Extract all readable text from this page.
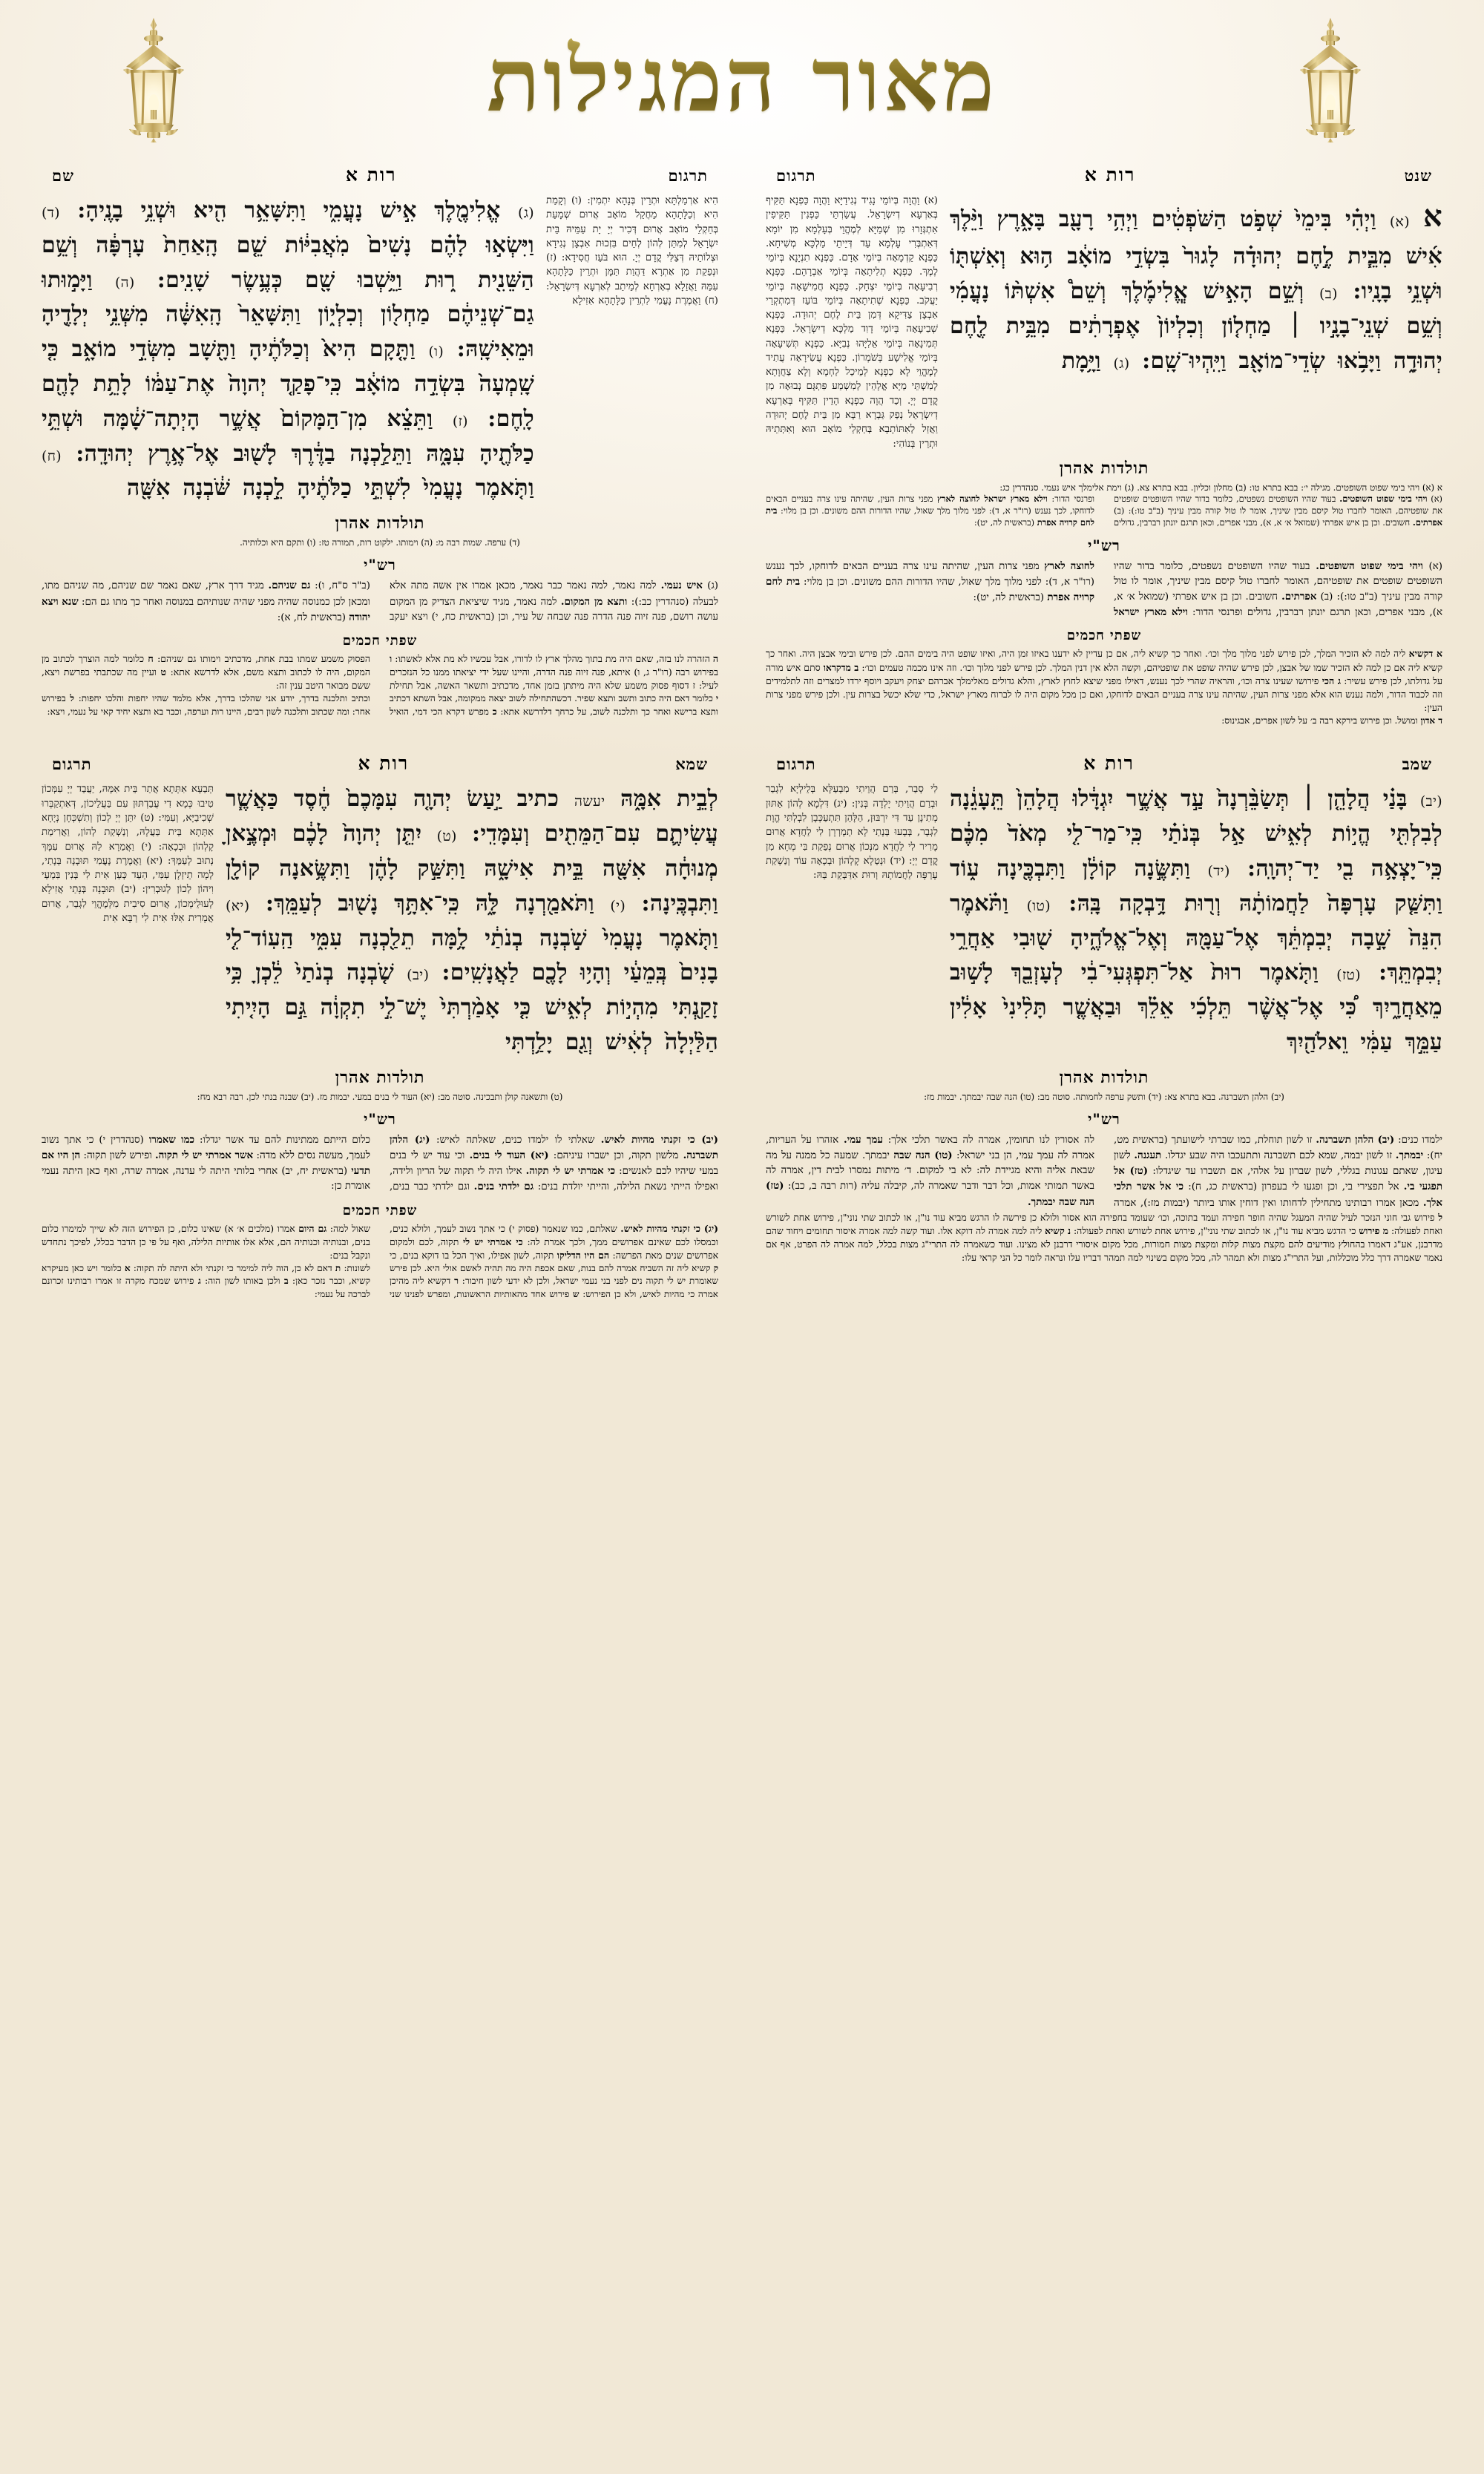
מאור המגילות
שנט
רות א
תרגום
א (א) וַיְהִ֗י בִּימֵי֙ שְׁפֹ֣ט הַשֹּׁפְטִ֔ים וַיְהִ֥י רָעָ֖ב בָּאָ֑רֶץ וַיֵּ֨לֶךְ אִ֜ישׁ מִבֵּ֧ית לֶ֣חֶם יְהוּדָ֗ה לָגוּר֙ בִּשְׂדֵ֣י מוֹאָ֔ב ה֥וּא וְאִשְׁתּ֖וֹ וּשְׁנֵ֥י בָנָֽיו: (ב) וְשֵׁ֣ם הָאִ֣ישׁ אֱ‍ֽלִימֶ֡לֶךְ וְשֵׁם֩ אִשְׁתּ֨וֹ נָעֳמִ֜י וְשֵׁ֥ם שְׁנֵֽי־בָנָ֣יו ׀ מַחְל֤וֹן וְכִלְיוֹן֙ אֶפְרָתִ֔ים מִבֵּ֥ית לֶ֖חֶם יְהוּדָ֑ה וַיָּבֹ֥אוּ שְׂדֵי־מוֹאָ֖ב וַיִּֽהְיוּ־שָֽׁם: (ג) וַיָּ֥מָת
(א) וַהֲוָה בְּיוֹמֵי נָגִיד נְגִידַיָּא וַהֲוָה כַּפְנָא תַּקִּיף בְּאַרְעָא דְיִשְׂרָאֵל. עֲשַׂרְתֵּי כַּפְנִין תַּקִּיפִין אִתְגְּזָרוּ מִן שְׁמַיָּא לְמֶהֱוֵי בְּעָלְמָא מִן יוֹמָא דְּאִתְבְּרִי עָלְמָא עַד דְּיֵיתֵי מַלְכָּא מְשִׁיחָא. כַּפְנָא קַדְמָאָה בְּיוֹמֵי אָדָם. כַּפְנָא תִנְיָנָא בְּיוֹמֵי לֶמֶךְ. כַּפְנָא תְלִיתָאָה בְּיוֹמֵי אַבְרָהָם. כַּפְנָא רְבִיעָאָה בְּיוֹמֵי יִצְחָק. כַּפְנָא חֲמִישָׁאָה בְּיוֹמֵי יַעֲקֹב. כַּפְנָא שְׁתִיתָאָה בְּיוֹמֵי בּוֹעַז דְּמִתְקְרֵי אִבְצָן צַדִּיקָא דְּמִן בֵּית לֶחֶם יְהוּדָה. כַּפְנָא שְׁבִיעָאָה בְּיוֹמֵי דָוִד מַלְכָּא דְיִשְׂרָאֵל. כַּפְנָא תְּמִינָאָה בְּיוֹמֵי אֵלִיָּהוּ נְבִיָּא. כַּפְנָא תְּשִׁיעָאָה בְּיוֹמֵי אֱלִישָׁע בְּשֹׁמְרוֹן. כַּפְנָא עֲשִׂירָאָה עֲתִיד לְמֶהֱוֵי לָא כַפְנָא לְמֵיכַל לַחְמָא וְלָא צַחֲוָתָא לְמִשְׁתֵּי מַיָּא אֱלָהֵין לְמִשְׁמַע פִּתְגָּם נְבוּאָה מִן קֳדָם יְיָ. וְכַד הֲוָה כַּפְנָא הָדֵין תַּקִּיף בְּאַרְעָא דְיִשְׂרָאֵל נְפַק גַּבְרָא רַבָּא מִן בֵּית לֶחֶם יְהוּדָה וַאֲזַל לְאִתּוֹתָבָא בְּחַקְלֵי מוֹאָב הוּא וְאִתְּתֵיהּ וּתְרֵין בְּנוֹהִי:
תולדות אהרן
א (א) ויהי בימי שפוט השופטים. מגילה י׳: בבא בתרא טו: (ב) מחלון וכליון. בבא בתרא צא. (ג) וימת אלימלך איש נעמי. סנהדרין כג:
(א) ויהי בימי שפוט השופטים. בעוד שהיו השופטים נשפטים, כלומר בדור שהיו השופטים שופטים את שופטיהם, האומר לחברו טול קיסם מבין שיניך, אומר לו טול קורה מבין עיניך (ב"ב טו:): (ב) אפרתים. חשובים. וכן בן איש אפרתי (שמואל א׳ א, א), מבני אפרים, וכאן תרגם יונתן רברבין, גדולים ופרנסי הדור: וילא מארץ ישראל לחוצה לארץ מפני צרות העין, שהיתה עינו צרה בעניים הבאים לדוחקו, לכך נענש (רו"ר א, ד): לפני מלוך מלך שאול, שהיו הדורות ההם משונים. וכן בן מלוי: בית לחם קרויה אפרת (בראשית לה, יט):
רש"י
(א) ויהי בימי שפוט השופטים. בעוד שהיו השופטים נשפטים, כלומר בדור שהיו השופטים שופטים את שופטיהם, האומר לחברו טול קיסם מבין שיניך, אומר לו טול קורה מבין עיניך (ב"ב טו:): (ב) אפרתים. חשובים. וכן בן איש אפרתי (שמואל א׳ א, א), מבני אפרים, וכאן תרגם יונתן רברבין, גדולים ופרנסי הדור: וילא מארץ ישראל לחוצה לארץ מפני צרות העין, שהיתה עינו צרה בעניים הבאים לדוחקו, לכך נענש (רו"ר א, ד): לפני מלוך מלך שאול, שהיו הדורות ההם משונים. וכן בן מלוי: בית לחם קרויה אפרת (בראשית לה, יט):
שפתי חכמים
א דקשיא ליה למה לא הזכיר המלך, לכן פירש לפני מלוך מלך וכו׳. ואחר כך קשיא ליה, אם כן עדיין לא ידענו באיזו זמן היה, ואיזו שופט היה בימים ההם. לכן פירש ובימי אבצן היה. ואחר כך קשיא ליה אם כן למה לא הזכיר שמו של אבצן, לכן פירש שהיה שופט את שופטיהם, וקשה הלא אין דנין המלך. לכן פירש לפני מלוך וכו׳. וזה אינו מכמה טעמים וכו׳: ב מדקראו סתם איש מורה על גדולתו, לכן פירש עשיר: ג הכי פירושו שעינו צרה וכו׳, והראיה שהרי לכך נענש, דאילו מפני שיצא לחוץ לארץ, והלא גדולים מאלימלך אברהם יצחק ויעקב ויוסף ירדו למצרים וזה לתלמידים וזה לכבוד הדור, ולמה נענש הוא אלא מפני צרות העין, שהיתה עינו צרה בעניים הבאים לדוחקו, ואם כן מכל מקום היה לו לברוח מארץ ישראל, כדי שלא יכשל בצרות עין. ולכן פירש מפני צרות העין:
ד אדון ומושל. וכן פירוש בירקא רבה ב׳ על לשון אפרים, אבגינוס:
תרגום
רות א
שם
הִיא אַרְמַלְתָּא וּתְרֵין בְּנָהָא יִתְמִין: (ו) וְקָמַת הִיא וְכַלָּתָהָא מֵחֲקַל מוֹאָב אֲרוּם שְׁמָעַת בְּחַקְלֵי מוֹאָב אֲרוּם דְּכִיר יְיָ יָת עַמֵּיהּ בֵּית יִשְׂרָאֵל לְמִתַּן לְהוֹן לְחֵים בִּזְכוּת אִבְצָן נְגִידָא וּצְלוֹתֵיהּ דְּצַלִּי קֳדָם יְיָ. הוּא בֹּעַז חֲסִידָא: (ז) וּנְפַקַת מִן אַתְרָא דַּהֲוַת תַּמָּן וּתְרֵין כַּלָּתָהָא עִמַּהּ וַאֲזַלָא בְאָרְחָא לְמֵיתַב לְאַרְעָא דְּיִשְׂרָאֵל: (ח) וַאֲמֶרֶת נָעֳמִי לִתְרֵין כַּלָּתָהָא אִזִילָא
(ג) אֱלִימֶ֖לֶךְ אִ֣ישׁ נָעֳמִ֑י וַתִּשָּׁאֵ֥ר הִ֖יא וּשְׁנֵ֥י בָנֶֽיהָ: (ד) וַיִּשְׂא֣וּ לָהֶ֗ם נָשִׁים֙ מֹֽאֲבִיּ֔וֹת שֵׁ֤ם הָֽאַחַת֙ עָרְפָּ֔ה וְשֵׁ֥ם הַשֵּׁנִ֖ית ר֑וּת וַיֵּ֥שְׁבוּ שָׁ֖ם כְּעֶ֥שֶׂר שָׁנִֽים: (ה) וַיָּמ֣וּתוּ גַם־שְׁנֵיהֶ֔ם מַחְל֖וֹן וְכִלְי֑וֹן וַתִּשָּׁאֵר֙ הָֽאִשָּׁ֔ה מִשְּׁנֵ֥י יְלָדֶ֖יהָ וּמֵאִישָֽׁהּ: (ו) וַתָּ֤קָם הִיא֙ וְכַלֹּתֶ֔יהָ וַתָּ֖שָׁב מִשְּׂדֵ֣י מוֹאָ֑ב כִּ֤י שָֽׁמְעָה֙ בִּשְׂדֵ֣ה מוֹאָ֔ב כִּֽי־פָקַ֤ד יְהוָה֙ אֶת־עַמּ֔וֹ לָתֵ֥ת לָהֶ֖ם לָֽחֶם: (ז) וַתֵּצֵ֗א מִן־הַמָּקוֹם֙ אֲשֶׁ֣ר הָיְתָה־שָׁ֔מָּה וּשְׁתֵּ֥י כַלֹּתֶ֖יהָ עִמָּ֑הּ וַתֵּלַ֣כְנָה בַדֶּ֔רֶךְ לָשׁ֖וּב אֶל־אֶ֥רֶץ יְהוּדָֽה: (ח) וַתֹּ֤אמֶר נָעֳמִי֙ לִשְׁתֵּ֣י כַלֹּתֶ֔יהָ לֵ֣כְנָה שֹּׁ֔בְנָה אִשָּׁ֖ה
תולדות אהרן
(ד) ערפה. שמות רבה מ: (ה) וימותו. ילקוט רות, תמורה טז: (ו) ותקם היא וכלותיה.
רש"י
(ג) איש נעמי. למה נאמר, למה נאמר כבר נאמר, מכאן אמרו אין אשה מתה אלא לבעלה (סנהדרין כב:): ותצא מן המקום. למה נאמר, מגיד שיציאת הצדיק מן המקום עושה רושם, פנה זיוה פנה הדרה פנה שבחה של עיר, וכן (בראשית כח, י) ויצא יעקב (ב"ר ס"ח, ו): גם שניהם. מגיד דרך ארץ, שאם נאמר שם שניהם, מה שניהם מתו, ומכאן לכן כמנוסה שהיה מפני שהיה שנותיהם במנוסה ואחר כך מתו גם הם: שנא ויצא יהודה (בראשית לח, א):
שפתי חכמים
ה הזהרה לנו בזה, שאם היה מת בתוך מהלך ארץ לו לדורו, אבל עכשיו לא מת אלא לאשתו: ו בפירוש רבה (רו"ר ג, ו) איתא, פנה זיוה פנה הדרה, והיינו שעל ידי יציאתו ממנו כל הנזכרים לעיל: ז דסוף פסוק משמע שלא היה מיתתן בזמן אחד, מדכתיב ותשאר האשה, אבל תחילת הפסוק משמע שמתו בבת אחת, מדכתיב וימותו גם שניהם: ח כלומר למה הוצרך לכתוב מן המקום, היה לו לכתוב ותצא משם, אלא לדרשא אתא: ט ועיין מה שכתבתי בפרשת ויצא, ששם מבואר היטב ענין זה:
י כלומר דאם היה כתוב ותשב ותצא שפיר. דכשהתחילה לשוב יצאה ממקומה, אבל השתא דכתיב ותצא ברישא ואחר כך ותלכנה לשוב, על כרחך דלדרשא אתא: כ מפרש דקרא הכי דמי, הואיל וכתיב ותלכנה בדרך, יודע אני שהלכו בדרך, אלא מלמד שהיו יחפות והלכו יחפות: ל בפירוש אחר: ומה שכתוב ותלכנה לשון רבים, היינו רות וערפה, וכבר בא ותצא יחיד קאי על נעמי, ויצא:
שמב
רות א
תרגום
(יב) בָּנַ֗י הֲלָהֵ֤ן ׀ תְּשַׂבֵּ֨רְנָה֙ עַ֣ד אֲשֶׁ֣ר יִגְדָּ֔לוּ הֲלָהֵן֙ תֵּֽעָגֵ֔נָה לְבִלְתִּ֖י הֱי֣וֹת לְאִ֑ישׁ אַ֣ל בְּנֹתַ֗י כִּֽי־מַר־לִ֤י מְאֹד֙ מִכֶּ֔ם כִּֽי־יָצְאָ֥ה בִ֖י יַד־יְהוָֽה: (יד) וַתִּשֶּׂ֣נָה קוֹלָ֔ן וַתִּבְכֶּ֖ינָה ע֑וֹד וַתִּשַּׁ֤ק עָרְפָּה֙ לַחֲמוֹתָ֔הּ וְר֖וּת דָּ֥בְקָה בָּֽהּ: (טו) וַתֹּ֗אמֶר הִנֵּה֙ שָׁ֣בָה יְבִמְתֵּ֔ךְ אֶל־עַמָּ֖הּ וְאֶל־אֱלֹהֶ֑יהָ שׁ֖וּבִי אַחֲרֵ֥י יְבִמְתֵּֽךְ: (טז) וַתֹּ֤אמֶר רוּת֙ אַל־תִּפְגְּעִי־בִ֔י לְעָזְבֵ֖ךְ לָשׁ֣וּב מֵאַחֲרָ֑יִךְ כִּ֠י אֶל־אֲשֶׁ֨ר תֵּלְכִ֜י אֵלֵ֗ךְ וּבַאֲשֶׁ֤ר תָּלִ֨ינִי֙ אָלִ֔ין עַמֵּ֣ךְ עַמִּ֔י וֵאלֹהַ֖יִךְ
לִי סְבַר, בְּרַם הֲוֵיתִי מִבְעַלָּא בְּלֵילְיָא לִגְבַר וּבְרַם הֲוֵיתִי יָלְדָה בְּנִין: (יג) דִּלְמָא לְהוֹן אַתּוּן מְתִינָן עַד דִּי יִרְבּוּן, הַלָּהֵן תִּתְעַכְּבָן לִבְלְתִּי הֱוָת לִגְבָר, בְּבָעוּ בְּנָתַי לָא תְמָרְרָן לִי לַחֲדָא אֲרוּם מָרִיר לִי לַחֲדָא מִנְּכוֹן אֲרוּם נְפַקַת בִּי מְחָא מִן קֳדָם יְיָ: (יד) וּנְטַלָא קָלְהוֹן וּבְכָאָה עוֹד וְנַשְׁקַת עָרְפָּה לַחֲמוֹתָהּ וְרוּת אִדַּבְּקַת בַּהּ:
תולדות אהרן
(יב) הלהן תשברנה. בבא בתרא צא: (יד) ותשק ערפה לחמותה. סוטה מב: (טו) הנה שבה יבמתך. יבמות מז:
רש"י
ילמדו כנים: (יב) הלהן תשברנה. זו לשון תוחלת, כמו שברתי לישועתך (בראשית מט, יח): יבמתך. זו לשון יבמה, שמא לכם תשברנה ותתעכבו היה שבע יגדלו. תעגנה. לשון עיגון, שאתם עגונות בגללי, לשון שברון על אלהי, אם תשברו עד שיגדלו: (טז) אל תפגעי בי. אל תפצירי בי, וכן ופגעו לי בעפרון (בראשית כג, ח): כי אל אשר תלכי אלך. מכאן אמרו רבותינו מתחילין לדחותו ואין דוחין אותו ביותר (יבמות מז:), אמרה לה אסורין לנו תחומין, אמרה לה באשר תלכי אלך: עמך עמי. אזהרו על העריות, אמרה לה עמך עמי, הן בני ישראל: (טו) הנה שבה יבמתך. שמעה כל ממנה על מה שבאת אליה והיא מגיידת לה: לא בי למקום. ד׳ מיתות נמסרו לבית דין, אמרה לה באשר תמותי אמות, וכל דבר ודבר שאמרה לה, קיבלה עליה (רות רבה ב, כב): (טז) הנה שבה יבמתך.
ל פירוש גבי חוני הנזכר לעיל שהיה המעגל שהיה חופר חפירה ועמד בתוכה, וכו׳ שעומד בחפירה הוא אסור ולולא כן פירשה לו הרגש מביא עוד נו"ן, או לכתוב שתי נוני"ן, פירוש אחת לשורש ואחת לפעולה: מ פירוש כי הדגש מביא עוד נו"ן, או לכתוב שתי נוני"ן, פירוש אחת לשורש ואחת לפעולה: נ קשיא ליה למה אמרה לה דוקא אלו. ועוד קשה למה אמרה איסור תחומים ויחוד שהם מדרבנן, אע"ג דאמרו בהחולץ מודיעים להם מקצת מצות קלות ומקצת מצות חמורות, מכל מקום איסורי דרבנן לא מצינו. ועוד כשאמרה לה התרי"ג מצות בכלל, למה אמרה לה הפרט, אף אם נאמר שאמרה דרך כלל מוכללות, ועל התרי"ג מצות ולא תמהר לה, מכל מקום בשינוי למה תמהר דבריו עלו ונראה לומר כל הני קראי עלו:
שמא
רות א
תרגום
לְבֵ֣ית אִמָּ֑הּ יעשה כתיב יַ֣עַשׂ יְהוָ֤ה עִמָּכֶם֙ חֶ֔סֶד כַּאֲשֶׁ֧ר עֲשִׂיתֶ֛ם עִם־הַמֵּתִ֖ים וְעִמָּדִֽי: (ט) יִתֵּ֤ן יְהוָה֙ לָכֶ֔ם וּמְצֶ֣אןָ מְנוּחָ֔ה אִשָּׁ֖ה בֵּ֣ית אִישָׁ֑הּ וַתִּשַּׁ֣ק לָהֶ֔ן וַתִּשֶּׂ֥אנָה קוֹלָ֖ן וַתִּבְכֶּֽינָה: (י) וַתֹּאמַ֖רְנָה לָּ֑הּ כִּֽי־אִתָּ֥ךְ נָשׁ֖וּב לְעַמֵּֽךְ: (יא) וַתֹּ֤אמֶר נָעֳמִי֙ שֹׁ֣בְנָה בְנֹתַ֔י לָ֥מָּה תֵלַ֖כְנָה עִמִּ֑י הַֽעֽוֹד־לִ֤י בָנִים֙ בְּֽמֵעַ֔י וְהָי֥וּ לָכֶ֖ם לַאֲנָשִֽׁים: (יב) שֹׁ֤בְנָה בְנֹתַי֙ לֵ֔כְןָ כִּ֥י זָקַ֖נְתִּי מִהְי֣וֹת לְאִ֑ישׁ כִּ֤י אָמַ֨רְתִּי֙ יֶשׁ־לִ֣י תִקְוָ֔ה גַּ֣ם הָיִ֤יתִי הַלַּ֨יְלָה֙ לְאִ֔ישׁ וְגַ֖ם יָלַ֥דְתִּי
תְּבַעָא אִתְּתָא אֲתַר בֵּית אִמָּהּ, יַעֲבֵד יְיָ עִמְּכוֹן טִיבוּ כְּמָא דִי עֲבַדְתּוּן עִם בַּעֲלֵיכוֹן, דְּאִתְקַבְּרוּ שְׁכִיבַיָּא, וְעִמִּי: (ט) יִתֵּן יְיָ לְכוֹן וְתִשְׁכְּחָן נְיָחָא אִתְּתָא בֵּית בַּעֲלָהּ, וְנַשְׁקַת לְהוֹן, וַאֲרִימַת קָלְהוֹן וּבְכָאָה: (י) וַאֲמַרָא לַהּ אֲרוּם עִמָּךְ נְתוּב לְעַמֵּךְ: (יא) וַאֲמֶרֶת נָעֳמִי תּוּבָנָה בְּנָתַי, לְמָה תֵיזְלָן עִמִּי, הַעַד כְּעַן אִית לִי בְּנִין בִּמְעַי וִיהוֹן לְכוֹן לְגוּבְרִין: (יב) תּוּבָנָה בְּנָתַי אֲזִילָא לְעוּלֵימְכוֹן, אֲרוּם סִיבִית מִלְּמֶהֱוֵי לִגְבַר, אֲרוּם אֲמָרִית אִלּוּ אִית לִי רַבָּא אִית
תולדות אהרן
(ט) ותשאנה קולן ותבכינה. סוטה מב: (יא) העוד לי בנים במעי. יבמות מז. (יב) שבנה בנתי לכן. רבה רבא מח:
רש"י
(יב) כי זקנתי מהיות לאיש. שאלתי לו ילמדו כנים, שאלתה לאיש: (יג) הלהן תשברנה. מלשון תקוה, וכן ישברו עיניהם: (יא) העוד לי בנים. וכי עוד יש לי בנים במעי שיהיו לכם לאנשים: כי אמרתי יש לי תקוה. אילו היה לי תקוה של הריון ולידה, ואפילו הייתי נשאת הלילה, והייתי יולדת בנים: גם ילדתי בנים. וגם ילדתי כבר בנים, כלום הייתם ממתינות להם עד אשר יגדלו: כמו שאמרו (סנהדרין י) כי אתך נשוב לעמך, מעשה נסים ללא מדה: אשר אמרתי יש לי תקוה. ופירש לשון תקוה: הן היו אם תדעי (בראשית יח, יב) אחרי בלותי היתה לי עדנה, אמרה שרה, ואף כאן היתה נעמי אומרת כן:
שפתי חכמים
(יג) כי זקנתי מהיות לאיש. שאלתם, כמו שנאמר (פסוק י) כי אתך נשוב לעמך, ולולא כנים, וכמסלו לכם שאינם אפרושים ממך, ולכך אמרת לה: כי אמרתי יש לי תקוה, לכם ולמקום אפרושים שנים מאת הפרשה: הם היו הדליקו תקוה, לשון אפילו, ואיך הכל בו דוקא בנים, כי שאול למה: גם היום אמרו (מלכים א׳ א) שאינו כלום, כן הפירוש הזה לא שייך למימרו כלום בנים, ובנותיה וכנותיה הם, אלא אלו אותיות הלילה, ואף על פי כן הדבר בכלל, לפיכך נתחדש ונקבל בנים:
ק קשיא ליה זה השביח אמרה להם בנות, שאם אכפת היה מה תהיה לאשם אולי היא. לכן פירש שאומרת יש לי תקוה נים לפני בני נעמי ישראל, ולכן לא ידעי לשון חיבור: ר דקשיא ליה מהיכן אמרה כי מהיות לאיש, ולא כן הפירוש: ש פירוש אחד מהאותיות הראשונות, ומפרש לפנינו שני לשונות: ת דאם לא כן, הוה ליה למימר כי זקנתי ולא היתה לה תקוה: א כלומר ויש כאן מעיקרא קשיא, וכבר נזכר כאן: ב ולכן באותו לשון הוה: ג פירוש שמכח מקרה זו אמרו רבותינו זכרונם לברכה על נעמי:
